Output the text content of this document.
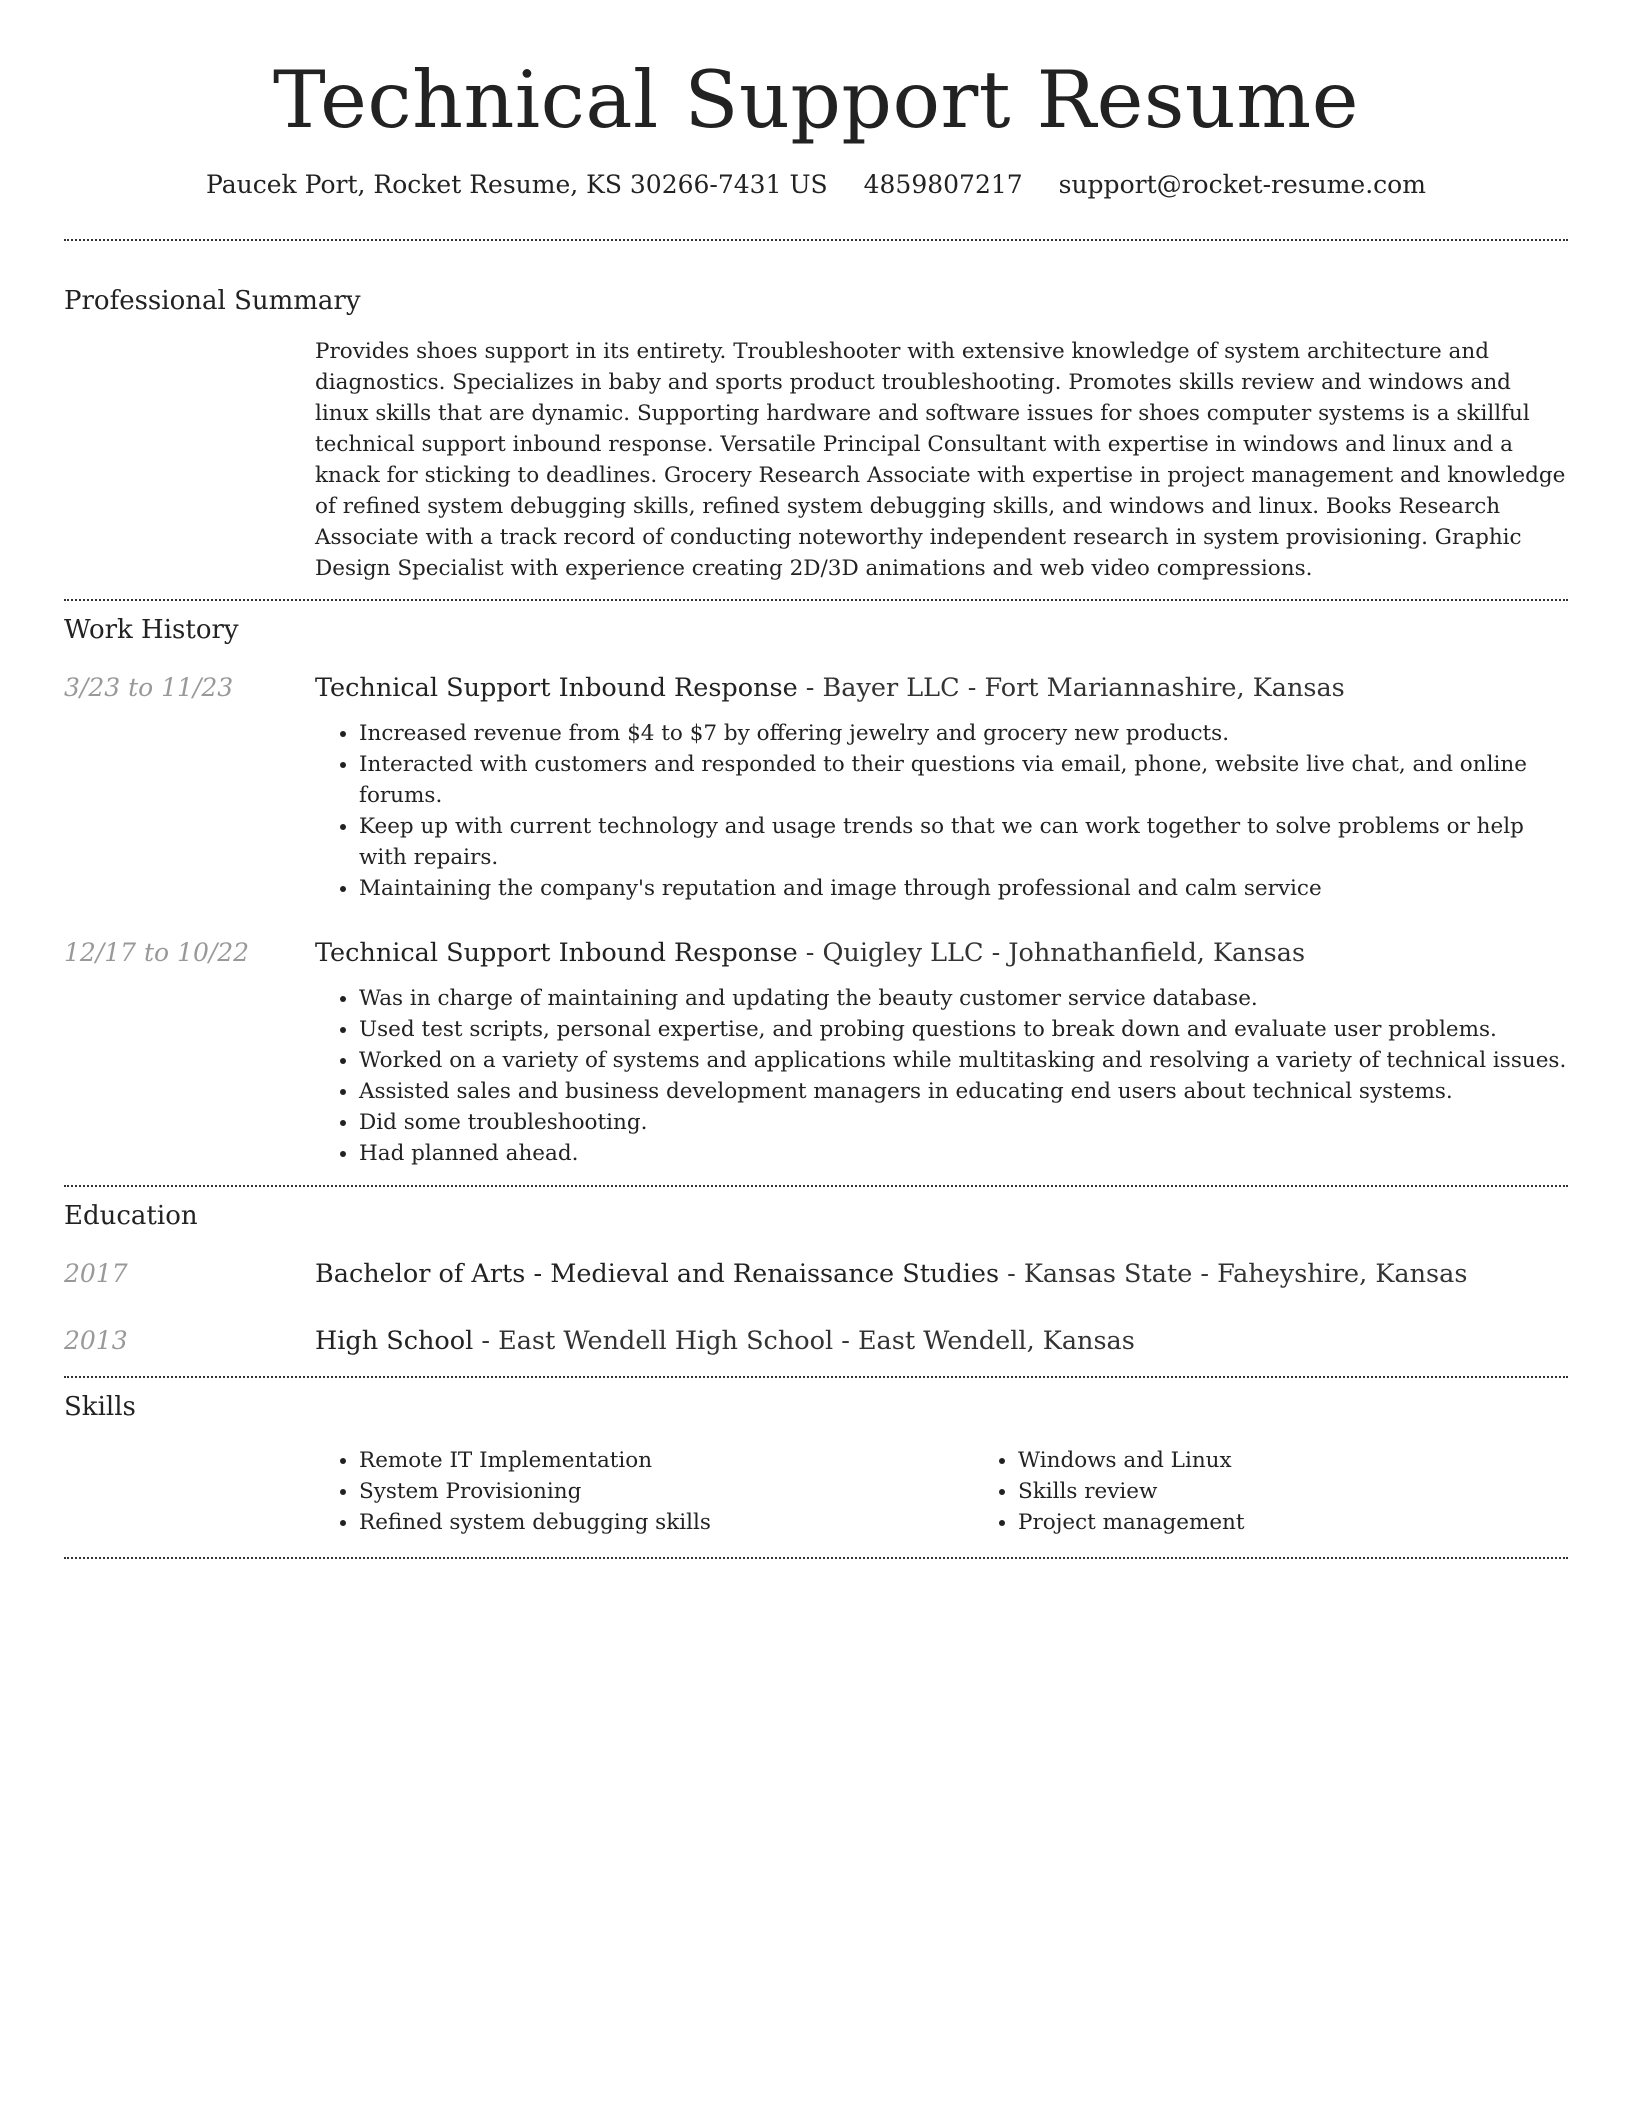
Technical Support Resume
Paucek Port, Rocket Resume, KS 30266-7431 US 4859807217 support@rocket-resume.com
Professional Summary
Provides shoes support in its entirety. Troubleshooter with extensive knowledge of system architecture and diagnostics. Specializes in baby and sports product troubleshooting. Promotes skills review and windows and linux skills that are dynamic. Supporting hardware and software issues for shoes computer systems is a skillful technical support inbound response. Versatile Principal Consultant with expertise in windows and linux and a knack for sticking to deadlines. Grocery Research Associate with expertise in project management and knowledge of refined system debugging skills, refined system debugging skills, and windows and linux. Books Research Associate with a track record of conducting noteworthy independent research in system provisioning. Graphic Design Specialist with experience creating 2D/3D animations and web video compressions.
Work History
3/23 to 11/23	Technical Support Inbound Response - Bayer LLC - Fort Mariannashire, Kansas
• Increased revenue from $4 to $7 by offering jewelry and grocery new products.
• Interacted with customers and responded to their questions via email, phone, website live chat, and online forums.
• Keep up with current technology and usage trends so that we can work together to solve problems or help with repairs.
• Maintaining the company's reputation and image through professional and calm service
12/17 to 10/22	Technical Support Inbound Response - Quigley LLC - Johnathanfield, Kansas
• Was in charge of maintaining and updating the beauty customer service database.
• Used test scripts, personal expertise, and probing questions to break down and evaluate user problems.
• Worked on a variety of systems and applications while multitasking and resolving a variety of technical issues.
• Assisted sales and business development managers in educating end users about technical systems.
• Did some troubleshooting.
• Had planned ahead.
Education
2017	Bachelor of Arts - Medieval and Renaissance Studies - Kansas State - Faheyshire, Kansas
2013	High School - East Wendell High School - East Wendell, Kansas
Skills
• Remote IT Implementation
• System Provisioning
• Refined system debugging skills
• Windows and Linux
• Skills review
• Project management
